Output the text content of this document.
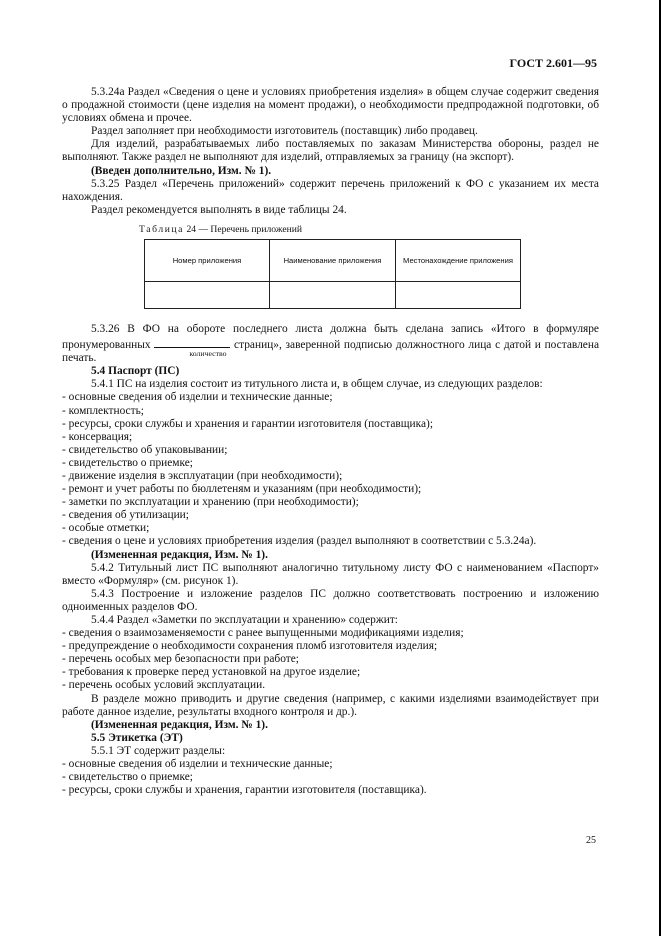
ГОСТ 2.601—95

5.3.24а Раздел «Сведения о цене и условиях приобретения изделия» в общем случае содержит сведения о продажной стоимости (цене изделия на момент продажи), о необходимости предпродажной подготовки, об условиях обмена и прочее.

Раздел заполняет при необходимости изготовитель (поставщик) либо продавец.

Для изделий, разрабатываемых либо поставляемых по заказам Министерства обороны, раздел не выполняют. Также раздел не выполняют для изделий, отправляемых за границу (на экспорт).

(Введен дополнительно, Изм. № 1).

5.3.25 Раздел «Перечень приложений» содержит перечень приложений к ФО с указанием их места нахождения.

Раздел рекомендуется выполнять в виде таблицы 24.

Таблица 24 — Перечень приложений
Номер приложения	Наименование приложения	Местонахождение приложения

5.3.26 В ФО на обороте последнего листа должна быть сделана запись «Итого в формуляре пронумерованных
количество
страниц», заверенной подписью должностного лица с датой и поставлена печать.

5.4 Паспорт (ПС)

5.4.1 ПС на изделия состоит из титульного листа и, в общем случае, из следующих разделов:

- основные сведения об изделии и технические данные;

- комплектность;

- ресурсы, сроки службы и хранения и гарантии изготовителя (поставщика);

- консервация;

- свидетельство об упаковывании;

- свидетельство о приемке;

- движение изделия в эксплуатации (при необходимости);

- ремонт и учет работы по бюллетеням и указаниям (при необходимости);

- заметки по эксплуатации и хранению (при необходимости);

- сведения об утилизации;

- особые отметки;

- сведения о цене и условиях приобретения изделия (раздел выполняют в соответствии с 5.3.24а).

(Измененная редакция, Изм. № 1).

5.4.2 Титульный лист ПС выполняют аналогично титульному листу ФО с наименованием «Паспорт» вместо «Формуляр» (см. рисунок 1).

5.4.3 Построение и изложение разделов ПС должно соответствовать построению и изложению одноименных разделов ФО.

5.4.4 Раздел «Заметки по эксплуатации и хранению» содержит:

- сведения о взаимозаменяемости с ранее выпущенными модификациями изделия;

- предупреждение о необходимости сохранения пломб изготовителя изделия;

- перечень особых мер безопасности при работе;

- требования к проверке перед установкой на другое изделие;

- перечень особых условий эксплуатации.

В разделе можно приводить и другие сведения (например, с какими изделиями взаимодействует при работе данное изделие, результаты входного контроля и др.).

(Измененная редакция, Изм. № 1).

5.5 Этикетка (ЭТ)

5.5.1 ЭТ содержит разделы:

- основные сведения об изделии и технические данные;

- свидетельство о приемке;

- ресурсы, сроки службы и хранения, гарантии изготовителя (поставщика).

25
